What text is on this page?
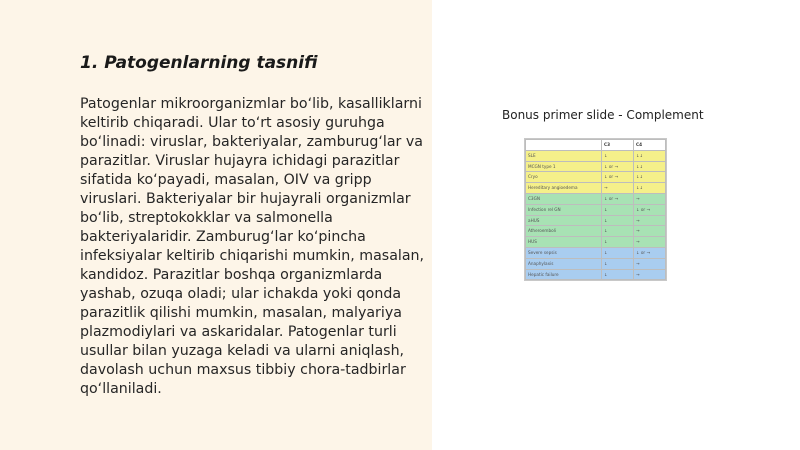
1. Patogenlarning tasnifi

Patogenlar mikroorganizmlar bo‘lib, kasalliklarni keltirib chiqaradi. Ular to‘rt asosiy guruhga bo‘linadi: viruslar, bakteriyalar, zamburug‘lar va parazitlar. Viruslar hujayra ichidagi parazitlar sifatida ko‘payadi, masalan, OIV va gripp viruslari. Bakteriyalar bir hujayrali organizmlar bo‘lib, streptokokklar va salmonella bakteriyalaridir. Zamburug‘lar ko‘pincha infeksiyalar keltirib chiqarishi mumkin, masalan, kandidoz. Parazitlar boshqa organizmlarda yashab, ozuqa oladi; ular ichakda yoki qonda parazitlik qilishi mumkin, masalan, malyariya plazmodiylari va askaridalar. Patogenlar turli usullar bilan yuzaga keladi va ularni aniqlash, davolash uchun maxsus tibbiy chora-tadbirlar qo‘llaniladi.

Bonus primer slide - Complement
	C3	C4
SLE	↓	↓↓
MCGN type 1	↓ or →	↓↓
Cryo	↓ or →	↓↓
Hereditary angioedema	→	↓↓
C3GN	↓ or →	→
Infection rel GN	↓	↓ or →
aHUS	↓	→
Atheroemboli	↓	→
HUS	↓	→
Severe sepsis	↓	↓ or →
Anaphylaxis	↓	→
Hepatic failure	↓	→
